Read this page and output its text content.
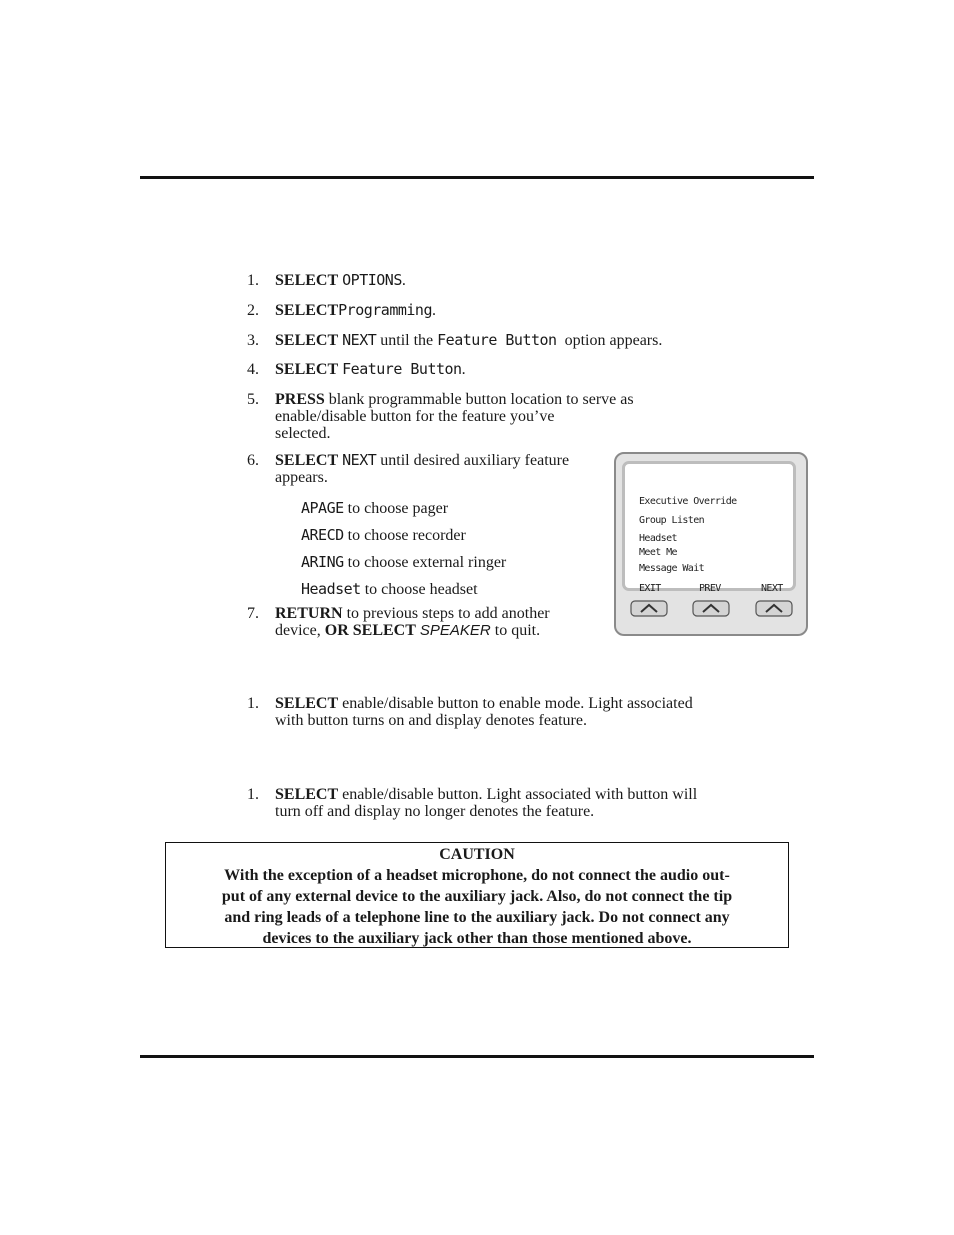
1. SELECT OPTIONS.
2. SELECTProgramming.
3. SELECT NEXT until the Feature Button option appears.
4. SELECT Feature Button.
5. PRESS blank programmable button location to serve as
enable/disable button for the feature you’ve
selected.
6. SELECT NEXT until desired auxiliary feature
appears.
APAGE to choose pager
ARECD to choose recorder
ARING to choose external ringer
Headset to choose headset
7. RETURN to previous steps to add another
device, OR SELECT SPEAKER to quit.
Executive Override
Group Listen
Headset
Meet Me
Message Wait
EXIT	PREV	NEXT
1. SELECT enable/disable button to enable mode. Light associated
with button turns on and display denotes feature.
1. SELECT enable/disable button. Light associated with button will
turn off and display no longer denotes the feature.
CAUTION
With the exception of a headset microphone, do not connect the audio out-
put of any external device to the auxiliary jack. Also, do not connect the tip
and ring leads of a telephone line to the auxiliary jack. Do not connect any
devices to the auxiliary jack other than those mentioned above.
